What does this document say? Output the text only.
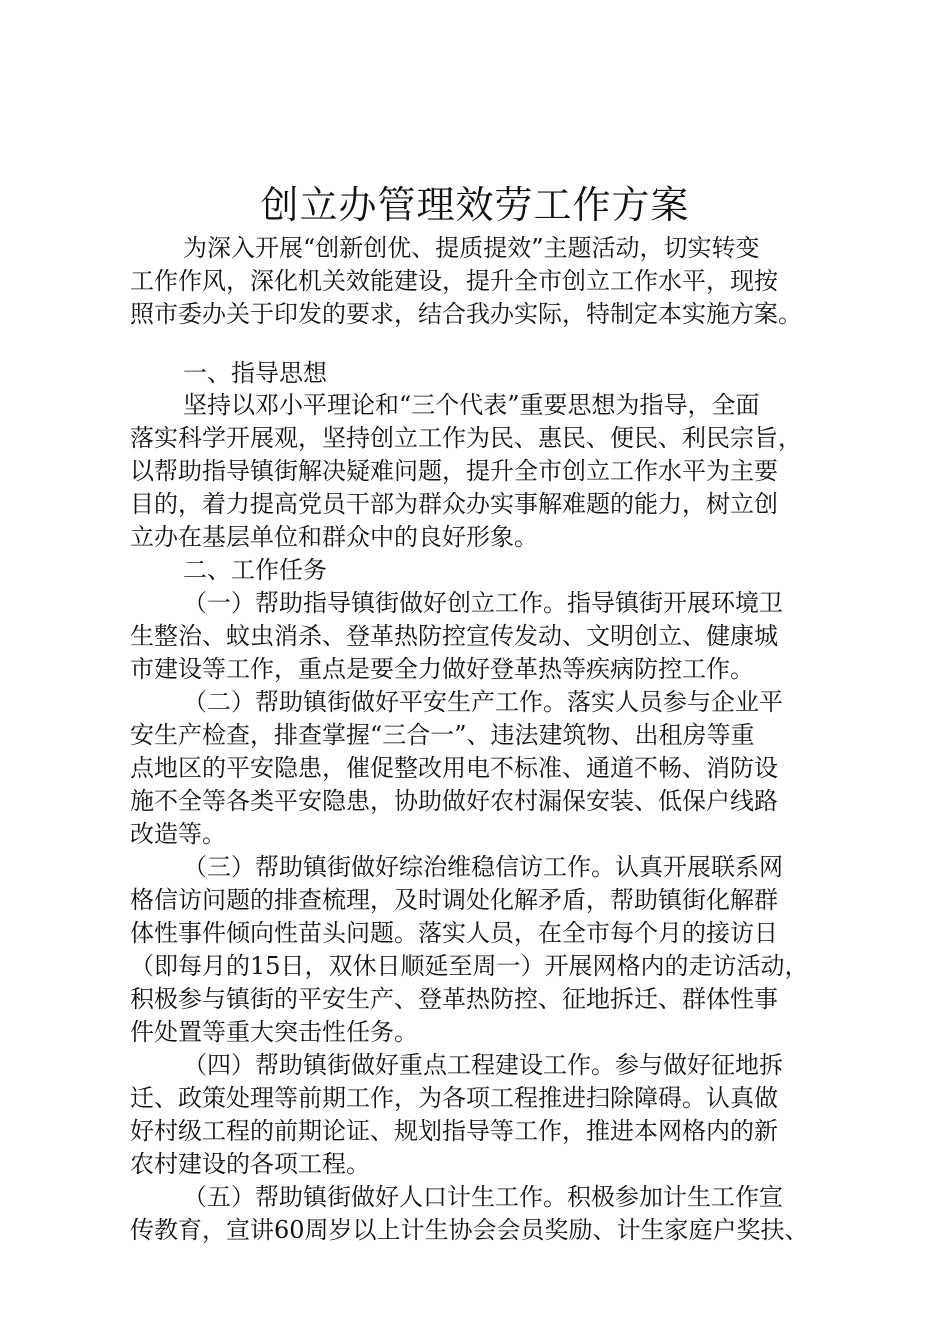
创立办管理效劳工作方案
为深入开展“创新创优、提质提效”主题活动，切实转变
工作作风，深化机关效能建设，提升全市创立工作水平，现按
照市委办关于印发的要求，结合我办实际，特制定本实施方案。
一、指导思想
坚持以邓小平理论和“三个代表”重要思想为指导，全面
落实科学开展观，坚持创立工作为民、惠民、便民、利民宗旨，
以帮助指导镇街解决疑难问题，提升全市创立工作水平为主要
目的，着力提高党员干部为群众办实事解难题的能力，树立创
立办在基层单位和群众中的良好形象。
二、工作任务
（一）帮助指导镇街做好创立工作。指导镇街开展环境卫
生整治、蚊虫消杀、登革热防控宣传发动、文明创立、健康城
市建设等工作，重点是要全力做好登革热等疾病防控工作。
（二）帮助镇街做好平安生产工作。落实人员参与企业平
安生产检查，排查掌握“三合一”、违法建筑物、出租房等重
点地区的平安隐患，催促整改用电不标准、通道不畅、消防设
施不全等各类平安隐患，协助做好农村漏保安装、低保户线路
改造等。
（三）帮助镇街做好综治维稳信访工作。认真开展联系网
格信访问题的排查梳理，及时调处化解矛盾，帮助镇街化解群
体性事件倾向性苗头问题。落实人员，在全市每个月的接访日
（即每月的15日，双休日顺延至周一）开展网格内的走访活动，
积极参与镇街的平安生产、登革热防控、征地拆迁、群体性事
件处置等重大突击性任务。
（四）帮助镇街做好重点工程建设工作。参与做好征地拆
迁、政策处理等前期工作，为各项工程推进扫除障碍。认真做
好村级工程的前期论证、规划指导等工作，推进本网格内的新
农村建设的各项工程。
（五）帮助镇街做好人口计生工作。积极参加计生工作宣
传教育，宣讲60周岁以上计生协会会员奖励、计生家庭户奖扶、
